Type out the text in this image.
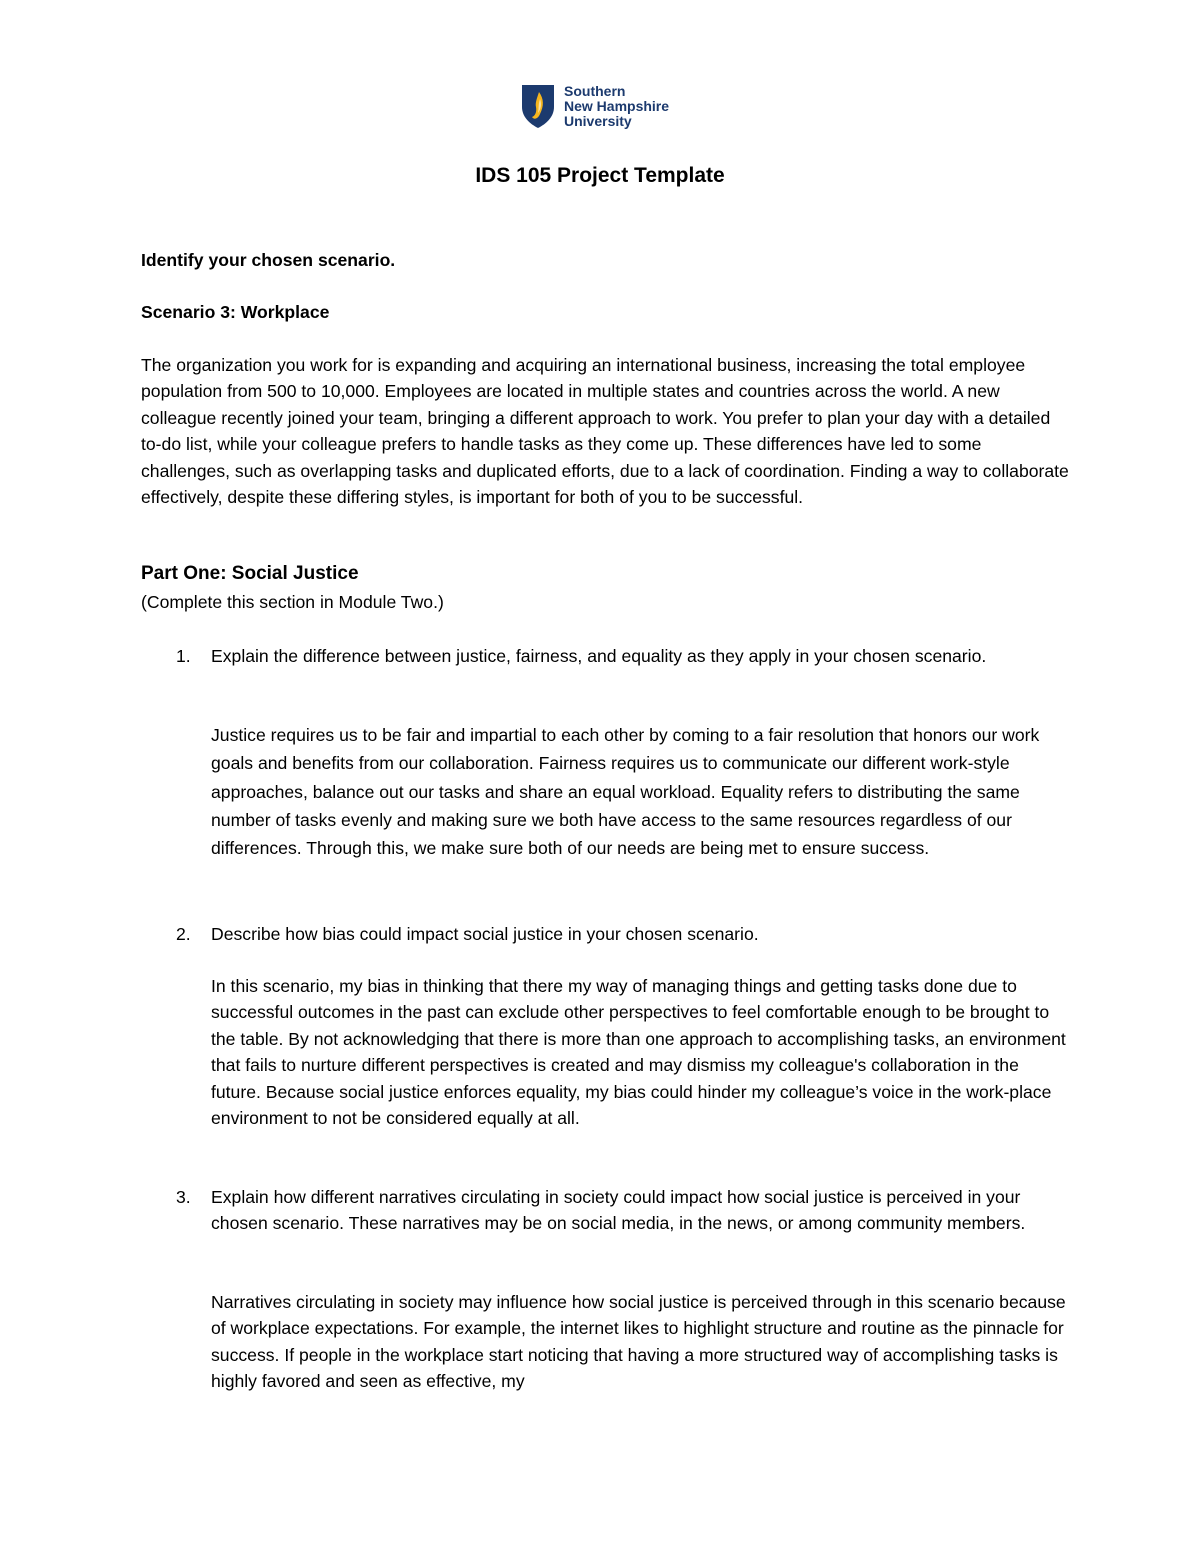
Southern
New Hampshire
University
IDS 105 Project Template

Identify your chosen scenario.

Scenario 3: Workplace

The organization you work for is expanding and acquiring an international business, increasing the total employee population from 500 to 10,000. Employees are located in multiple states and countries across the world. A new colleague recently joined your team, bringing a different approach to work. You prefer to plan your day with a detailed to-do list, while your colleague prefers to handle tasks as they come up. These differences have led to some challenges, such as overlapping tasks and duplicated efforts, due to a lack of coordination. Finding a way to collaborate effectively, despite these differing styles, is important for both of you to be successful.

Part One: Social Justice

(Complete this section in Module Two.)

1. Explain the difference between justice, fairness, and equality as they apply in your chosen scenario.

Justice requires us to be fair and impartial to each other by coming to a fair resolution that honors our work goals and benefits from our collaboration. Fairness requires us to communicate our different work-style approaches, balance out our tasks and share an equal workload. Equality refers to distributing the same number of tasks evenly and making sure we both have access to the same resources regardless of our differences. Through this, we make sure both of our needs are being met to ensure success.

2. Describe how bias could impact social justice in your chosen scenario.

In this scenario, my bias in thinking that there my way of managing things and getting tasks done due to successful outcomes in the past can exclude other perspectives to feel comfortable enough to be brought to the table. By not acknowledging that there is more than one approach to accomplishing tasks, an environment that fails to nurture different perspectives is created and may dismiss my colleague's collaboration in the future. Because social justice enforces equality, my bias could hinder my colleague’s voice in the work-place environment to not be considered equally at all.

3. Explain how different narratives circulating in society could impact how social justice is perceived in your chosen scenario. These narratives may be on social media, in the news, or among community members.

Narratives circulating in society may influence how social justice is perceived through in this scenario because of workplace expectations. For example, the internet likes to highlight structure and routine as the pinnacle for success. If people in the workplace start noticing that having a more structured way of accomplishing tasks is highly favored and seen as effective, my
